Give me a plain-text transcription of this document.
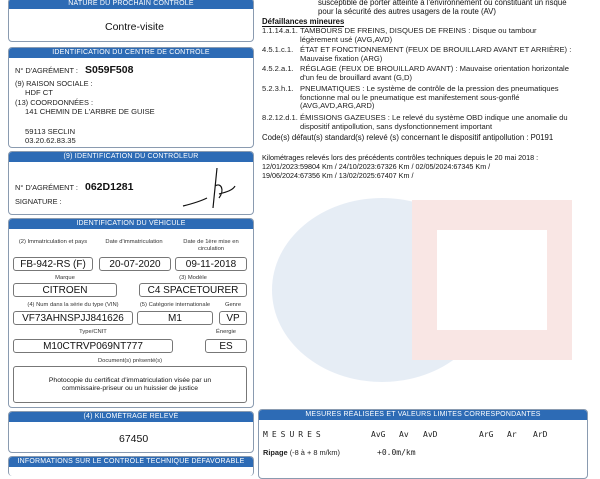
NATURE DU PROCHAIN CONTRÔLE
Contre-visite
IDENTIFICATION DU CENTRE DE CONTRÔLE
N° D'AGRÉMENT : S059F508
(9) RAISON SOCIALE :
HDF CT
(13) COORDONNÉES :
141 CHEMIN DE L'ARBRE DE GUISE
59113 SECLIN
03.20.62.83.35
(9) IDENTIFICATION DU CONTRÔLEUR
N° D'AGRÉMENT : 062D1281
SIGNATURE :
IDENTIFICATION DU VÉHICULE
(2) Immatriculation et pays	Date d'immatriculation	Date de 1ère mise en circulation
FB-942-RS (F)	20-07-2020	09-11-2018
Marque	(3) Modèle
CITROEN	C4 SPACETOURER
(4) Num dans la série du type (VIN)	(5) Catégorie internationale	Genre
VF73AHNSPJJ841626	M1	VP
Type/CNIT	Énergie
M10CTRVP069NT777	ES
Document(s) présenté(s)
Photocopie du certificat d'immatriculation visée par un commissaire-priseur ou un huissier de justice
(4) KILOMÉTRAGE RELEVÉ
67450
INFORMATIONS SUR LE CONTRÔLE TECHNIQUE DÉFAVORABLE
susceptible de porter atteinte à l'environnement ou constituant un risque
pour la sécurité des autres usagers de la route (AV)
Défaillances mineures
1.1.14.a.1. TAMBOURS DE FREINS, DISQUES DE FREINS : Disque ou tambour
légèrement usé (AVG,AVD)
4.5.1.c.1. ÉTAT ET FONCTIONNEMENT (FEUX DE BROUILLARD AVANT ET ARRIÈRE) :
Mauvaise fixation (ARG)
4.5.2.a.1. RÉGLAGE (FEUX DE BROUILLARD AVANT) : Mauvaise orientation horizontale
d'un feu de brouillard avant (G,D)
5.2.3.h.1. PNEUMATIQUES : Le système de contrôle de la pression des pneumatiques
fonctionne mal ou le pneumatique est manifestement sous-gonflé
(AVG,AVD,ARG,ARD)
8.2.12.d.1. ÉMISSIONS GAZEUSES : Le relevé du système OBD indique une anomalie du
dispositif antipollution, sans dysfonctionnement important
Code(s) défaut(s) standard(s) relevé (s) concernant le dispositif antipollution : P0191
Kilométrages relevés lors des précédents contrôles techniques depuis le 20 mai 2018 :
12/01/2023:59804 Km / 24/10/2023:67326 Km / 02/05/2024:67345 Km /
19/06/2024:67356 Km / 13/02/2025:67407 Km /
MESURES RÉALISÉES ET VALEURS LIMITES CORRESPONDANTES
MESURES	AvG Av AvD	ArG Ar ArD
Ripage (-8 à + 8 m/km)	+0.0m/km
